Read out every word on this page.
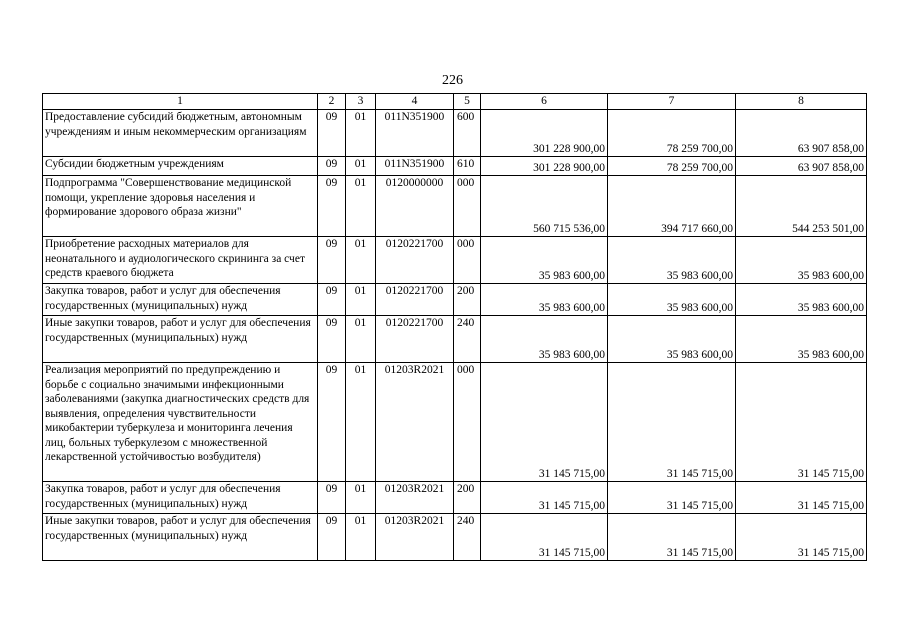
226
1	2	3	4	5	6	7	8
Предоставление субсидий бюджетным, автономным учреждениям и иным некоммерческим организациям	09	01	011N351900	600	301 228 900,00	78 259 700,00	63 907 858,00
Субсидии бюджетным учреждениям	09	01	011N351900	610	301 228 900,00	78 259 700,00	63 907 858,00
Подпрограмма "Совершенствование медицинской помощи, укрепление здоровья населения и формирование здорового образа жизни"	09	01	0120000000	000	560 715 536,00	394 717 660,00	544 253 501,00
Приобретение расходных материалов для неонатального и аудиологического скрининга за счет средств краевого бюджета	09	01	0120221700	000	35 983 600,00	35 983 600,00	35 983 600,00
Закупка товаров, работ и услуг для обеспечения государственных (муниципальных) нужд	09	01	0120221700	200	35 983 600,00	35 983 600,00	35 983 600,00
Иные закупки товаров, работ и услуг для обеспечения государственных (муниципальных) нужд	09	01	0120221700	240	35 983 600,00	35 983 600,00	35 983 600,00
Реализация мероприятий по предупреждению и борьбе с социально значимыми инфекционными заболеваниями (закупка диагностических средств для выявления, определения чувствительности микобактерии туберкулеза и мониторинга лечения лиц, больных туберкулезом с множественной лекарственной устойчивостью возбудителя)	09	01	01203R2021	000	31 145 715,00	31 145 715,00	31 145 715,00
Закупка товаров, работ и услуг для обеспечения государственных (муниципальных) нужд	09	01	01203R2021	200	31 145 715,00	31 145 715,00	31 145 715,00
Иные закупки товаров, работ и услуг для обеспечения государственных (муниципальных) нужд	09	01	01203R2021	240	31 145 715,00	31 145 715,00	31 145 715,00
